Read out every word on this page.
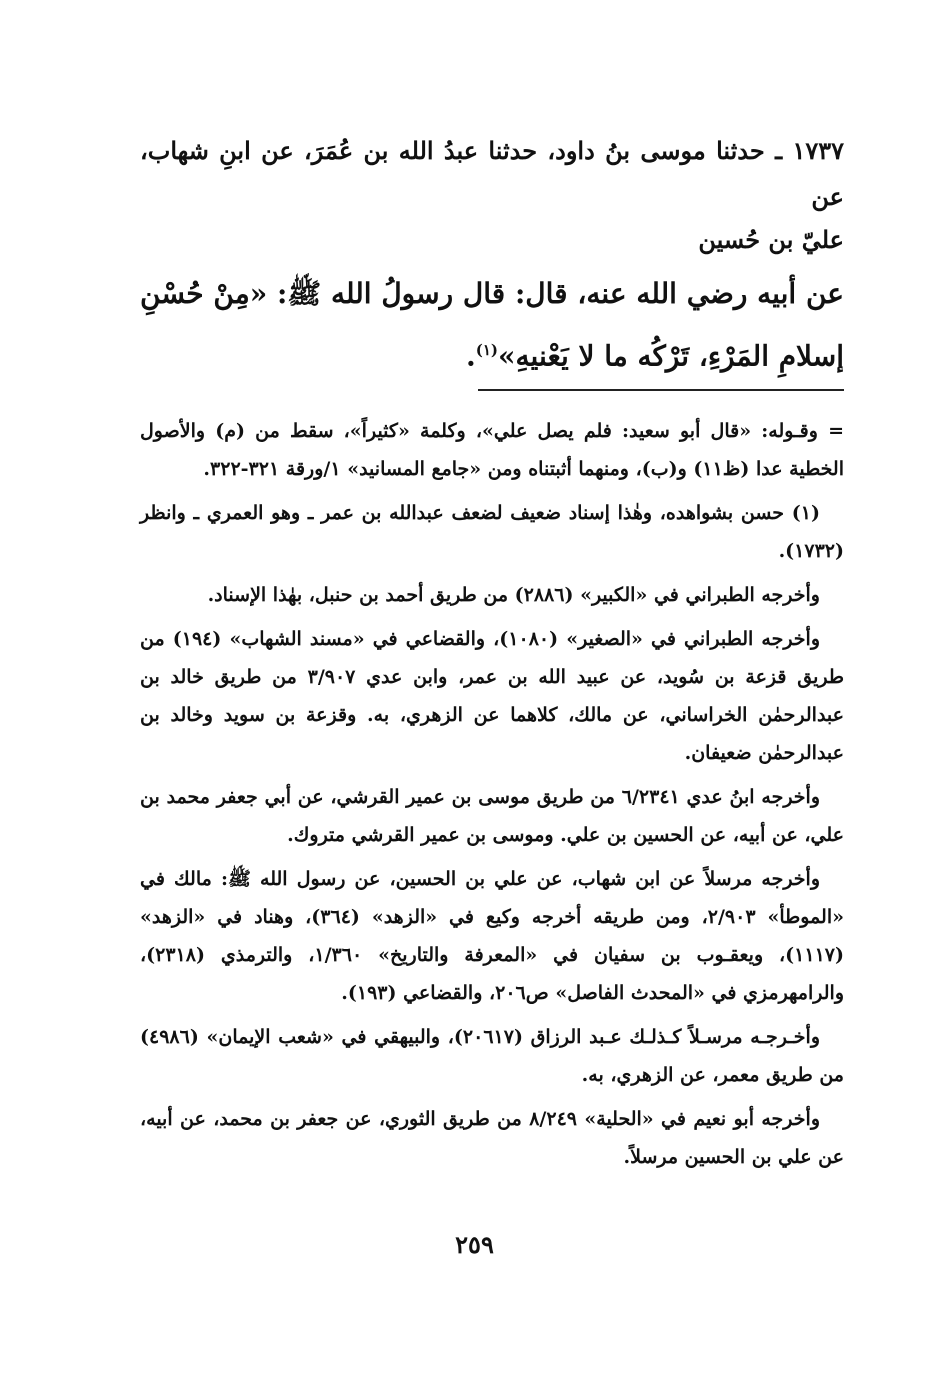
١٧٣٧ ـ حدثنا موسى بنُ داود، حدثنا عبدُ الله بن عُمَرَ، عن ابنِ شهاب، عن
عليّ بن حُسين
عن أبيه رضي الله عنه، قال: قال رسولُ الله ﷺ: «مِنْ حُسْنِ إسلامِ المَرْءِ، تَرْكُه ما لا يَعْنيهِ»$^{(١)}$.

= وقـوله: «قال أبو سعيد: فلم يصل علي»، وكلمة «كثيراً»، سقط من (م) والأصول الخطية عدا (ظ١١) و(ب)، ومنهما أثبتناه ومن «جامع المسانيد» ١/ورقة ٣٢١-٣٢٢.

(١) حسن بشواهده، وهٰذا إسناد ضعيف لضعف عبدالله بن عمر ـ وهو العمري ـ وانظر (١٧٣٢).

وأخرجه الطبراني في «الكبير» (٢٨٨٦) من طريق أحمد بن حنبل، بهٰذا الإسناد.

وأخرجه الطبراني في «الصغير» (١٠٨٠)، والقضاعي في «مسند الشهاب» (١٩٤) من طريق قزعة بن سُويد، عن عبيد الله بن عمر، وابن عدي ٣/٩٠٧ من طريق خالد بن عبدالرحمٰن الخراساني، عن مالك، كلاهما عن الزهري، به. وقزعة بن سويد وخالد بن عبدالرحمٰن ضعيفان.

وأخرجه ابنُ عدي ٦/٢٣٤١ من طريق موسى بن عمير القرشي، عن أبي جعفر محمد بن علي، عن أبيه، عن الحسين بن علي. وموسى بن عمير القرشي متروك.

وأخرجه مرسلاً عن ابن شهاب، عن علي بن الحسين، عن رسول الله ﷺ: مالك في «الموطأ» ٢/٩٠٣، ومن طريقه أخرجه وكيع في «الزهد» (٣٦٤)، وهناد في «الزهد» (١١١٧)، ويعقـوب بن سفيان في «المعرفة والتاريخ» ١/٣٦٠، والترمذي (٢٣١٨)، والرامهرمزي في «المحدث الفاصل» ص٢٠٦، والقضاعي (١٩٣).

وأخـرجـه مرسـلاً كـذلـك عـبد الرزاق (٢٠٦١٧)، والبيهقي في «شعب الإيمان» (٤٩٨٦) من طريق معمر، عن الزهري، به.

وأخرجه أبو نعيم في «الحلية» ٨/٢٤٩ من طريق الثوري، عن جعفر بن محمد، عن أبيه، عن علي بن الحسين مرسلاً.

٢٥٩
